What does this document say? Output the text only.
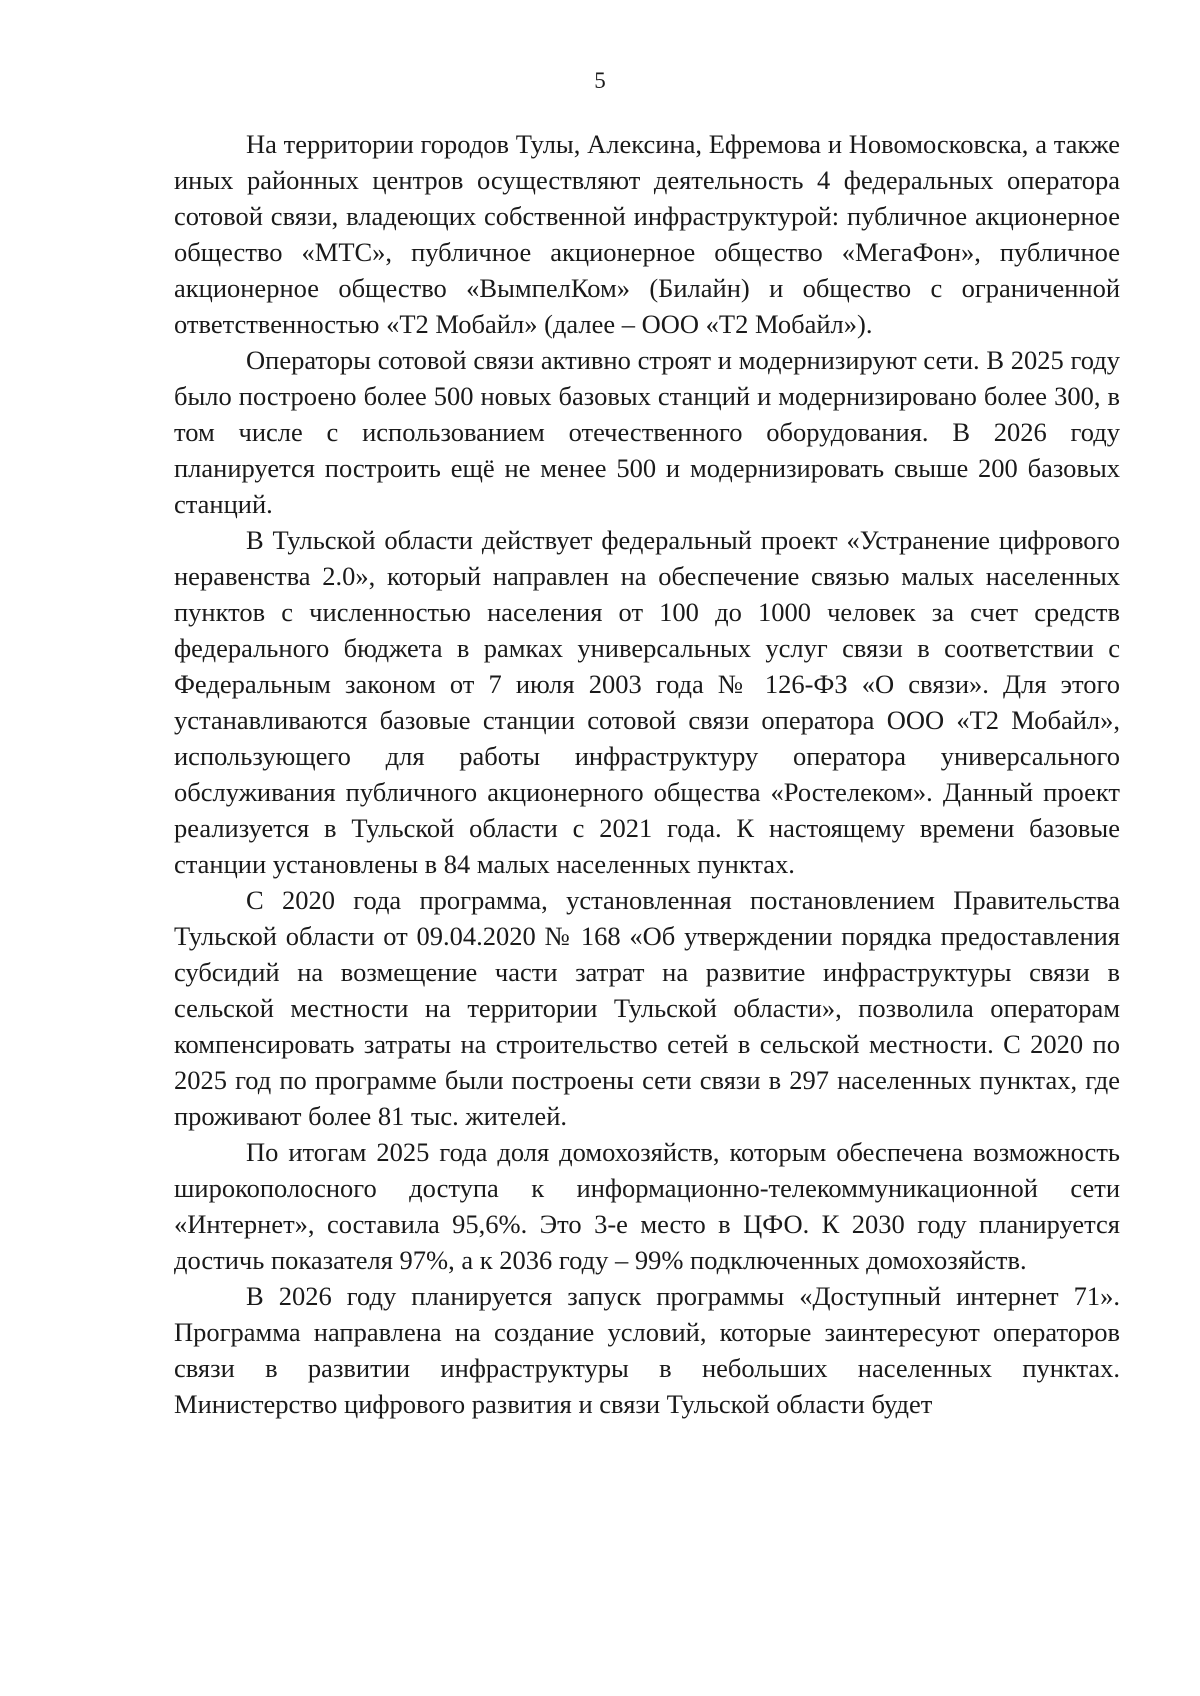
5

На территории городов Тулы, Алексина, Ефремова и Новомосковска, а также иных районных центров осуществляют деятельность 4 федеральных оператора сотовой связи, владеющих собственной инфраструктурой: публичное акционерное общество «МТС», публичное акционерное общество «МегаФон», публичное акционерное общество «ВымпелКом» (Билайн) и общество с ограниченной ответственностью «Т2 Мобайл» (далее – ООО «Т2 Мобайл»).

Операторы сотовой связи активно строят и модернизируют сети. В 2025 году было построено более 500 новых базовых станций и модернизировано более 300, в том числе с использованием отечественного оборудования. В 2026 году планируется построить ещё не менее 500 и модернизировать свыше 200 базовых станций.

В Тульской области действует федеральный проект «Устранение цифрового неравенства 2.0», который направлен на обеспечение связью малых населенных пунктов с численностью населения от 100 до 1000 человек за счет средств федерального бюджета в рамках универсальных услуг связи в соответствии с Федеральным законом от 7 июля 2003 года № 126-ФЗ «О связи». Для этого устанавливаются базовые станции сотовой связи оператора ООО «Т2 Мобайл», использующего для работы инфраструктуру оператора универсального обслуживания публичного акционерного общества «Ростелеком». Данный проект реализуется в Тульской области с 2021 года. К настоящему времени базовые станции установлены в 84 малых населенных пунктах.

С 2020 года программа, установленная постановлением Правительства Тульской области от 09.04.2020 № 168 «Об утверждении порядка предоставления субсидий на возмещение части затрат на развитие инфраструктуры связи в сельской местности на территории Тульской области», позволила операторам компенсировать затраты на строительство сетей в сельской местности. С 2020 по 2025 год по программе были построены сети связи в 297 населенных пунктах, где проживают более 81 тыс. жителей.

По итогам 2025 года доля домохозяйств, которым обеспечена возможность широкополосного доступа к информационно-телекоммуникационной сети «Интернет», составила 95,6%. Это 3-е место в ЦФО. К 2030 году планируется достичь показателя 97%, а к 2036 году – 99% подключенных домохозяйств.

В 2026 году планируется запуск программы «Доступный интернет 71». Программа направлена на создание условий, которые заинтересуют операторов связи в развитии инфраструктуры в небольших населенных пунктах. Министерство цифрового развития и связи Тульской области будет
